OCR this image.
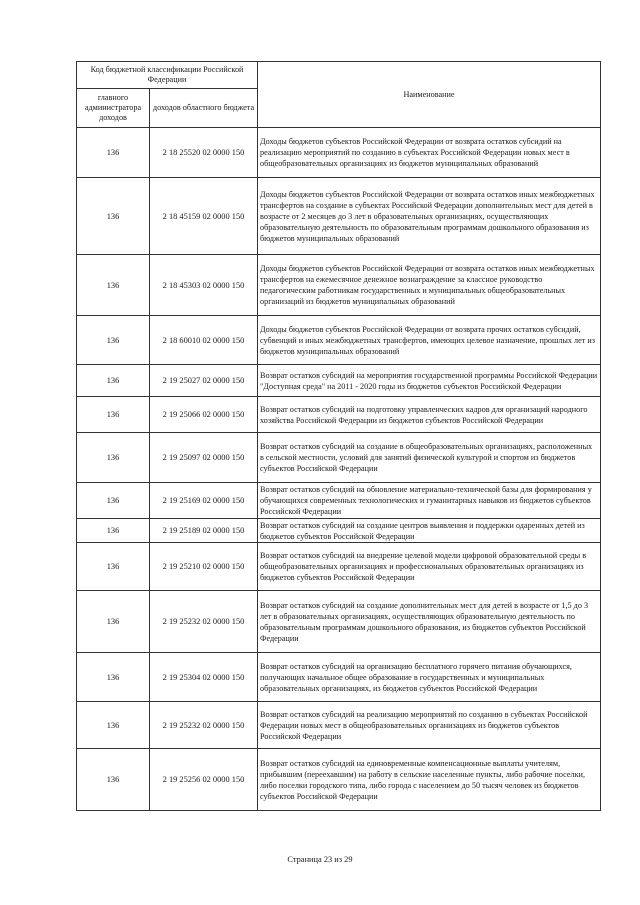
Код бюджетной классификации Российской Федерации		Наименование
главного администратора доходов	доходов областного бюджета	
136	2 18 25520 02 0000 150	Доходы бюджетов субъектов Российской Федерации от возврата остатков субсидий на реализацию мероприятий по созданию в субъектах Российской Федерации новых мест в общеобразовательных организациях из бюджетов муниципальных образований
136	2 18 45159 02 0000 150	Доходы бюджетов субъектов Российской Федерации от возврата остатков иных межбюджетных трансфертов на создание в субъектах Российской Федерации дополнительных мест для детей в возрасте от 2 месяцев до 3 лет в образовательных организациях, осуществляющих образовательную деятельность по образовательным программам дошкольного образования из бюджетов муниципальных образований
136	2 18 45303 02 0000 150	Доходы бюджетов субъектов Российской Федерации от возврата остатков иных межбюджетных трансфертов на ежемесячное денежное вознаграждение за классное руководство педагогическим работникам государственных и муниципальных общеобразовательных организаций из бюджетов муниципальных образований
136	2 18 60010 02 0000 150	Доходы бюджетов субъектов Российской Федерации от возврата прочих остатков субсидий, субвенций и иных межбюджетных трансфертов, имеющих целевое назначение, прошлых лет из бюджетов муниципальных образований
136	2 19 25027 02 0000 150	Возврат остатков субсидий на мероприятия государственной программы Российской Федерации "Доступная среда" на 2011 - 2020 годы из бюджетов субъектов Российской Федерации
136	2 19 25066 02 0000 150	Возврат остатков субсидий на подготовку управленческих кадров для организаций народного хозяйства Российской Федерации из бюджетов субъектов Российской Федерации
136	2 19 25097 02 0000 150	Возврат остатков субсидий на создание в общеобразовательных организациях, расположенных в сельской местности, условий для занятий физической культурой и спортом из бюджетов субъектов Российской Федерации
136	2 19 25169 02 0000 150	Возврат остатков субсидий на обновление материально-технической базы для формирования у обучающихся современных технологических и гуманитарных навыков из бюджетов субъектов Российской Федерации
136	2 19 25189 02 0000 150	Возврат остатков субсидий на создание центров выявления и поддержки одаренных детей из бюджетов субъектов Российской Федерации
136	2 19 25210 02 0000 150	Возврат остатков субсидий на внедрение целевой модели цифровой образовательной среды в общеобразовательных организациях и профессиональных образовательных организациях из бюджетов субъектов Российской Федерации
136	2 19 25232 02 0000 150	Возврат остатков субсидий на создание дополнительных мест для детей в возрасте от 1,5 до 3 лет в образовательных организациях, осуществляющих образовательную деятельность по образовательным программам дошкольного образования, из бюджетов субъектов Российской Федерации
136	2 19 25304 02 0000 150	Возврат остатков субсидий на организацию бесплатного горячего питания обучающихся, получающих начальное общее образование в государственных и муниципальных образовательных организациях, из бюджетов субъектов Российской Федерации
136	2 19 25232 02 0000 150	Возврат остатков субсидий на реализацию мероприятий по созданию в субъектах Российской Федерации новых мест в общеобразовательных организациях из бюджетов субъектов Российской Федерации
136	2 19 25256 02 0000 150	Возврат остатков субсидий на единовременные компенсационные выплаты учителям, прибывшим (переехавшим) на работу в сельские населенные пункты, либо рабочие поселки, либо поселки городского типа, либо города с населением до 50 тысяч человек из бюджетов субъектов Российской Федерации
Страница 23 из 29
